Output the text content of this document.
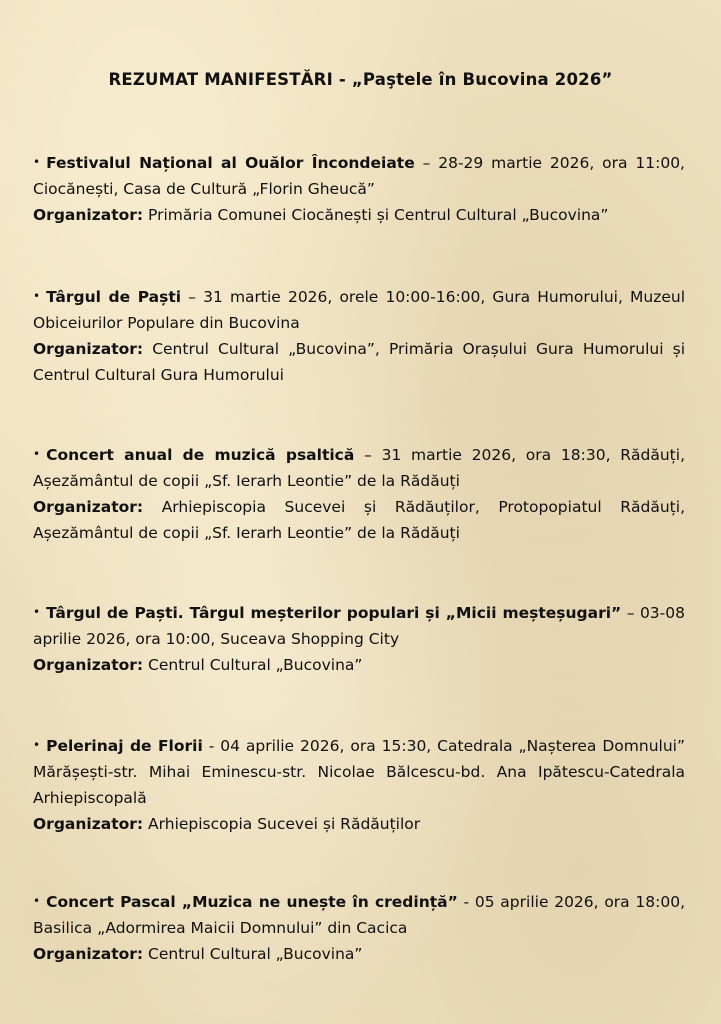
REZUMAT MANIFESTĂRI - „Paştele în Bucovina 2026”

• Festivalul Național al Ouălor Încondeiate – 28-29 martie 2026, ora 11:00, Ciocănești, Casa de Cultură „Florin Gheucă”

Organizator: Primăria Comunei Ciocănești și Centrul Cultural „Bucovina”

• Târgul de Paști – 31 martie 2026, orele 10:00-16:00, Gura Humorului, Muzeul Obiceiurilor Populare din Bucovina

Organizator: Centrul Cultural „Bucovina”, Primăria Orașului Gura Humorului și Centrul Cultural Gura Humorului

• Concert anual de muzică psaltică – 31 martie 2026, ora 18:30, Rădăuți, Așezământul de copii „Sf. Ierarh Leontie” de la Rădăuți

Organizator: Arhiepiscopia Sucevei și Rădăuților, Protopopiatul Rădăuți, Așezământul de copii „Sf. Ierarh Leontie” de la Rădăuți

• Târgul de Paști. Târgul meșterilor populari și „Micii meșteșugari” – 03-08 aprilie 2026, ora 10:00, Suceava Shopping City

Organizator: Centrul Cultural „Bucovina”

• Pelerinaj de Florii - 04 aprilie 2026, ora 15:30, Catedrala „Nașterea Domnului” Mărășești-str. Mihai Eminescu-str. Nicolae Bălcescu-bd. Ana Ipătescu-Catedrala Arhiepiscopală

Organizator: Arhiepiscopia Sucevei și Rădăuților

• Concert Pascal „Muzica ne unește în credință” - 05 aprilie 2026, ora 18:00, Basilica „Adormirea Maicii Domnului” din Cacica

Organizator: Centrul Cultural „Bucovina”
